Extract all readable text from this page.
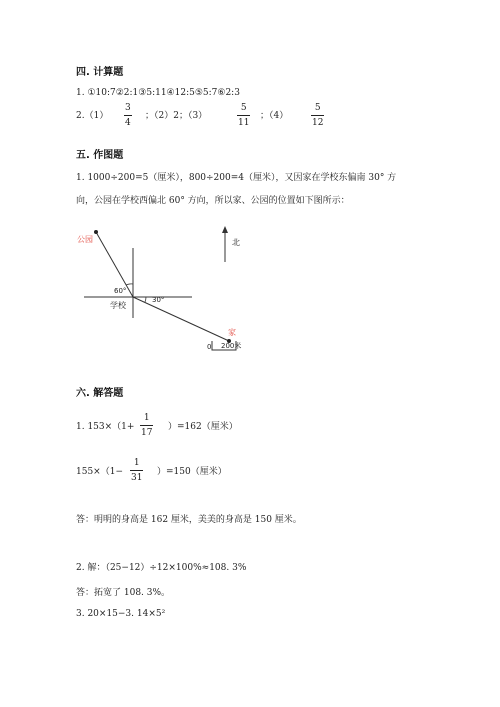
四. 计算题
1. ①10:7②2:1③5:11④12:5⑤5:7⑥2:3
2.（1）
3
4
；（2）2；（3）
5
11
；（4）
5
12
五. 作图题
1. 1000÷200=5（厘米），800÷200=4（厘米），又因家在学校东偏南 30° 方
向，公园在学校西偏北 60° 方向，所以家、公园的位置如下图所示：
公园
学校
家
北
60°
30°
0 200米
六. 解答题
1. 153×（1+
1
17
）=162（厘米）
155×（1−
1
31
）=150（厘米）
答：明明的身高是 162 厘米，美美的身高是 150 厘米。
2. 解：（25−12）÷12×100%≈108. 3%
答：拓宽了 108. 3%。
3. 20×15−3. 14×5²
